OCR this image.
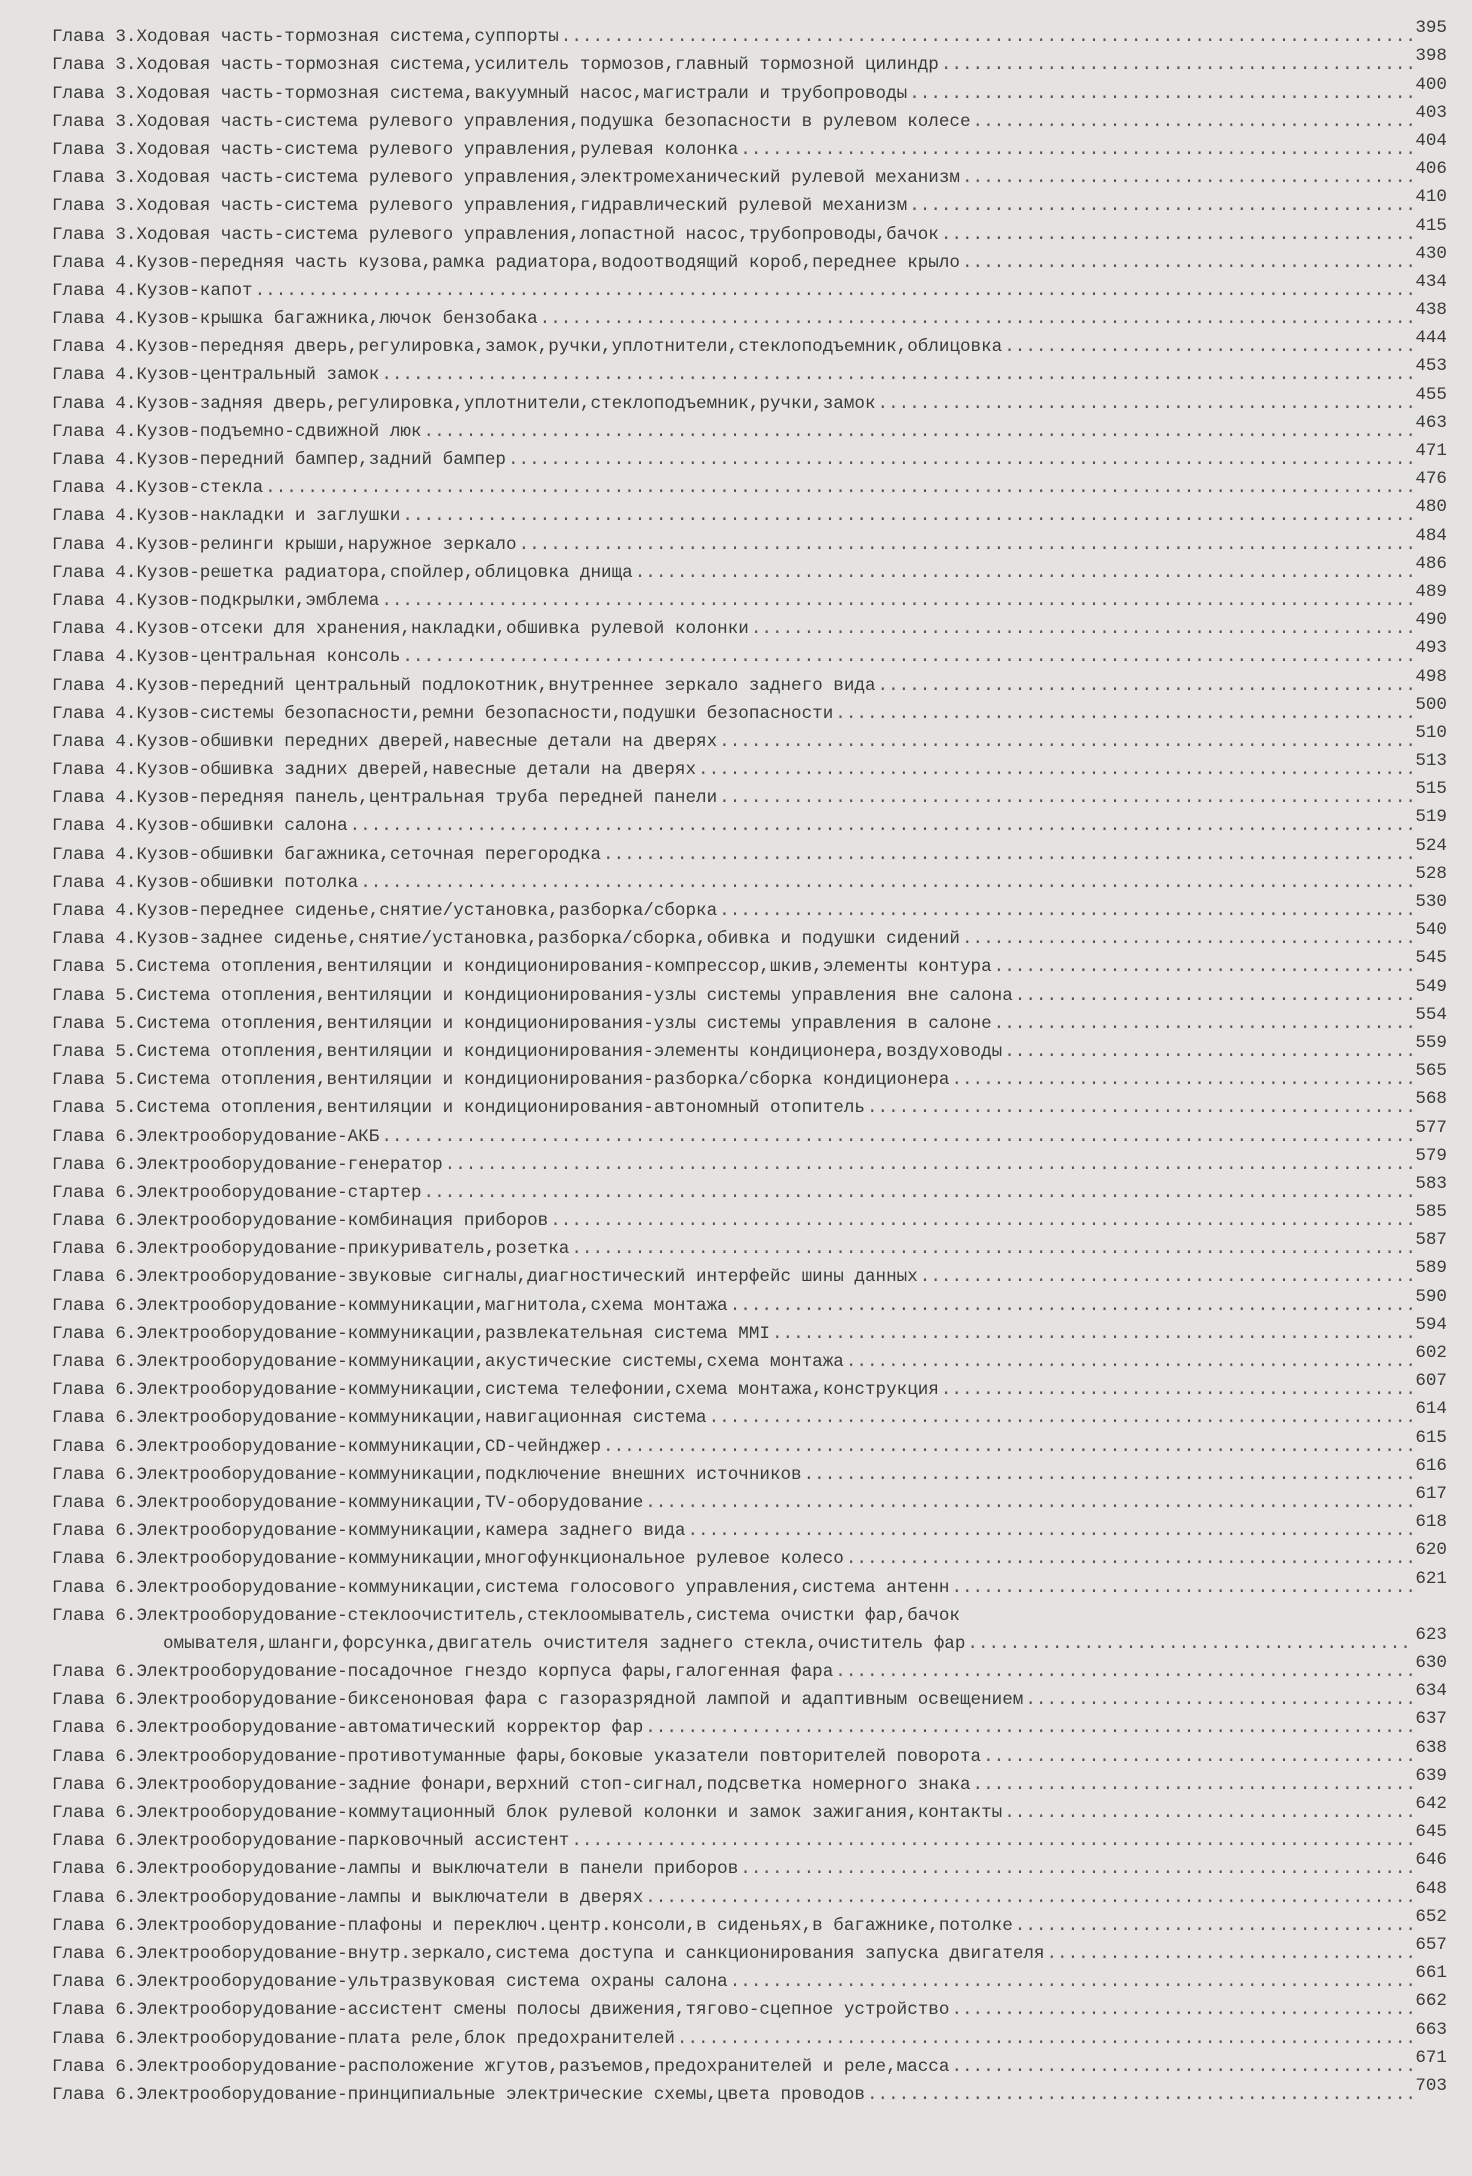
Глава 3.Ходовая часть-тормозная система,суппорты .....	395
Глава 3.Ходовая часть-тормозная система,усилитель тормозов,главный тормозной цилиндр .....	398
Глава 3.Ходовая часть-тормозная система,вакуумный насос,магистрали и трубопроводы .....	400
Глава 3.Ходовая часть-система рулевого управления,подушка безопасности в рулевом колесе .....	403
Глава 3.Ходовая часть-система рулевого управления,рулевая колонка .....	404
Глава 3.Ходовая часть-система рулевого управления,электромеханический рулевой механизм .....	406
Глава 3.Ходовая часть-система рулевого управления,гидравлический рулевой механизм .....	410
Глава 3.Ходовая часть-система рулевого управления,лопастной насос,трубопроводы,бачок .....	415
Глава 4.Кузов-передняя часть кузова,рамка радиатора,водоотводящий короб,переднее крыло .....	430
Глава 4.Кузов-капот .....	434
Глава 4.Кузов-крышка багажника,лючок бензобака .....	438
Глава 4.Кузов-передняя дверь,регулировка,замок,ручки,уплотнители,стеклоподъемник,облицовка .....	444
Глава 4.Кузов-центральный замок .....	453
Глава 4.Кузов-задняя дверь,регулировка,уплотнители,стеклоподъемник,ручки,замок .....	455
Глава 4.Кузов-подъемно-сдвижной люк .....	463
Глава 4.Кузов-передний бампер,задний бампер .....	471
Глава 4.Кузов-стекла .....	476
Глава 4.Кузов-накладки и заглушки .....	480
Глава 4.Кузов-релинги крыши,наружное зеркало .....	484
Глава 4.Кузов-решетка радиатора,спойлер,облицовка днища .....	486
Глава 4.Кузов-подкрылки,эмблема .....	489
Глава 4.Кузов-отсеки для хранения,накладки,обшивка рулевой колонки .....	490
Глава 4.Кузов-центральная консоль .....	493
Глава 4.Кузов-передний центральный подлокотник,внутреннее зеркало заднего вида .....	498
Глава 4.Кузов-системы безопасности,ремни безопасности,подушки безопасности .....	500
Глава 4.Кузов-обшивки передних дверей,навесные детали на дверях .....	510
Глава 4.Кузов-обшивка задних дверей,навесные детали на дверях .....	513
Глава 4.Кузов-передняя панель,центральная труба передней панели .....	515
Глава 4.Кузов-обшивки салона .....	519
Глава 4.Кузов-обшивки багажника,сеточная перегородка .....	524
Глава 4.Кузов-обшивки потолка .....	528
Глава 4.Кузов-переднее сиденье,снятие/установка,разборка/сборка .....	530
Глава 4.Кузов-заднее сиденье,снятие/установка,разборка/сборка,обивка и подушки сидений .....	540
Глава 5.Система отопления,вентиляции и кондиционирования-компрессор,шкив,элементы контура .....	545
Глава 5.Система отопления,вентиляции и кондиционирования-узлы системы управления вне салона .....	549
Глава 5.Система отопления,вентиляции и кондиционирования-узлы системы управления в салоне .....	554
Глава 5.Система отопления,вентиляции и кондиционирования-элементы кондиционера,воздуховоды .....	559
Глава 5.Система отопления,вентиляции и кондиционирования-разборка/сборка кондиционера .....	565
Глава 5.Система отопления,вентиляции и кондиционирования-автономный отопитель .....	568
Глава 6.Электрооборудование-АКБ .....	577
Глава 6.Электрооборудование-генератор .....	579
Глава 6.Электрооборудование-стартер .....	583
Глава 6.Электрооборудование-комбинация приборов .....	585
Глава 6.Электрооборудование-прикуриватель,розетка .....	587
Глава 6.Электрооборудование-звуковые сигналы,диагностический интерфейс шины данных .....	589
Глава 6.Электрооборудование-коммуникации,магнитола,схема монтажа .....	590
Глава 6.Электрооборудование-коммуникации,развлекательная система MMI .....	594
Глава 6.Электрооборудование-коммуникации,акустические системы,схема монтажа .....	602
Глава 6.Электрооборудование-коммуникации,система телефонии,схема монтажа,конструкция .....	607
Глава 6.Электрооборудование-коммуникации,навигационная система .....	614
Глава 6.Электрооборудование-коммуникации,CD-чейнджер .....	615
Глава 6.Электрооборудование-коммуникации,подключение внешних источников .....	616
Глава 6.Электрооборудование-коммуникации,TV-оборудование .....	617
Глава 6.Электрооборудование-коммуникации,камера заднего вида .....	618
Глава 6.Электрооборудование-коммуникации,многофункциональное рулевое колесо .....	620
Глава 6.Электрооборудование-коммуникации,система голосового управления,система антенн .....	621
Глава 6.Электрооборудование-стеклоочиститель,стеклоомыватель,система очистки фар,бачок
омывателя,шланги,форсунка,двигатель очистителя заднего стекла,очиститель фар .....	623
Глава 6.Электрооборудование-посадочное гнездо корпуса фары,галогенная фара .....	630
Глава 6.Электрооборудование-биксеноновая фара с газоразрядной лампой и адаптивным освещением .....	634
Глава 6.Электрооборудование-автоматический корректор фар .....	637
Глава 6.Электрооборудование-противотуманные фары,боковые указатели повторителей поворота .....	638
Глава 6.Электрооборудование-задние фонари,верхний стоп-сигнал,подсветка номерного знака .....	639
Глава 6.Электрооборудование-коммутационный блок рулевой колонки и замок зажигания,контакты .....	642
Глава 6.Электрооборудование-парковочный ассистент .....	645
Глава 6.Электрооборудование-лампы и выключатели в панели приборов .....	646
Глава 6.Электрооборудование-лампы и выключатели в дверях .....	648
Глава 6.Электрооборудование-плафоны и переключ.центр.консоли,в сиденьях,в багажнике,потолке .....	652
Глава 6.Электрооборудование-внутр.зеркало,система доступа и санкционирования запуска двигателя .....	657
Глава 6.Электрооборудование-ультразвуковая система охраны салона .....	661
Глава 6.Электрооборудование-ассистент смены полосы движения,тягово-сцепное устройство .....	662
Глава 6.Электрооборудование-плата реле,блок предохранителей .....	663
Глава 6.Электрооборудование-расположение жгутов,разъемов,предохранителей и реле,масса .....	671
Глава 6.Электрооборудование-принципиальные электрические схемы,цвета проводов .....	703
